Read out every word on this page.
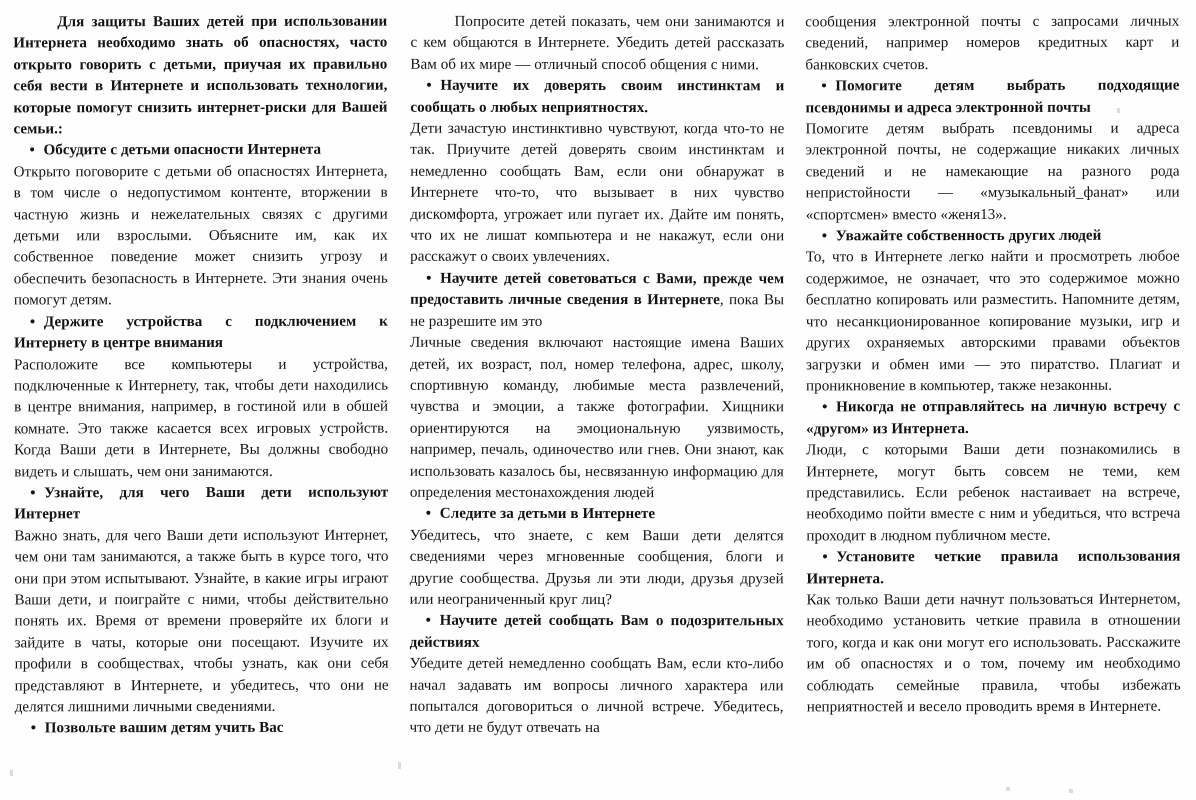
Для защиты Ваших детей при использовании Интернета необходимо знать об опасностях, часто открыто говорить с детьми, приучая их правильно себя вести в Интернете и использовать технологии, которые помогут снизить интернет-риски для Вашей семьи.:

• Обсудите с детьми опасности Интернета

Открыто поговорите с детьми об опасностях Интернета, в том числе о недопустимом контенте, вторжении в частную жизнь и нежелательных связях с другими детьми или взрослыми. Объясните им, как их собственное поведение может снизить угрозу и обеспечить безопасность в Интернете. Эти знания очень помогут детям.

• Держите устройства с подключением к Интернету в центре внимания

Расположите все компьютеры и устройства, подключенные к Интернету, так, чтобы дети находились в центре внимания, например, в гостиной или в обшей комнате. Это также касается всех игровых устройств. Когда Ваши дети в Интернете, Вы должны свободно видеть и слышать, чем они занимаются.

• Узнайте, для чего Ваши дети используют Интернет

Важно знать, для чего Ваши дети используют Интернет, чем они там занимаются, а также быть в курсе того, что они при этом испытывают. Узнайте, в какие игры играют Ваши дети, и поиграйте с ними, чтобы действительно понять их. Время от времени проверяйте их блоги и зайдите в чаты, которые они посещают. Изучите их профили в сообществах, чтобы узнать, как они себя представляют в Интернете, и убедитесь, что они не делятся лишними личными сведениями.

• Позвольте вашим детям учить Вас

Попросите детей показать, чем они занимаются и с кем общаются в Интернете. Убедить детей рассказать Вам об их мире — отличный способ общения с ними.

• Научите их доверять своим инстинктам и сообщать о любых неприятностях.

Дети зачастую инстинктивно чувствуют, когда что-то не так. Приучите детей доверять своим инстинктам и немедленно сообщать Вам, если они обнаружат в Интернете что-то, что вызывает в них чувство дискомфорта, угрожает или пугает их. Дайте им понять, что их не лишат компьютера и не накажут, если они расскажут о своих увлечениях.

• Научите детей советоваться с Вами, прежде чем предоставить личные сведения в Интернете, пока Вы не разрешите им это

Личные сведения включают настоящие имена Ваших детей, их возраст, пол, номер телефона, адрес, школу, спортивную команду, любимые места развлечений, чувства и эмоции, а также фотографии. Хищники ориентируются на эмоциональную уязвимость, например, печаль, одиночество или гнев. Они знают, как использовать казалось бы, несвязанную информацию для определения местонахождения людей

• Следите за детьми в Интернете

Убедитесь, что знаете, с кем Ваши дети делятся сведениями через мгновенные сообщения, блоги и другие сообщества. Друзья ли эти люди, друзья друзей или неограниченный круг лиц?

• Научите детей сообщать Вам о подозрительных действиях

Убедите детей немедленно сообщать Вам, если кто-либо начал задавать им вопросы личного характера или попытался договориться о личной встрече. Убедитесь, что дети не будут отвечать на

сообщения электронной почты с запросами личных сведений, например номеров кредитных карт и банковских счетов.

• Помогите детям выбрать подходящие псевдонимы и адреса электронной почты

Помогите детям выбрать псевдонимы и адреса электронной почты, не содержащие никаких личных сведений и не намекающие на разного рода непристойности — «музыкальный_фанат» или «спортсмен» вместо «женя13».

• Уважайте собственность других людей

То, что в Интернете легко найти и просмотреть любое содержимое, не означает, что это содержимое можно бесплатно копировать или разместить. Напомните детям, что несанкционированное копирование музыки, игр и других охраняемых авторскими правами объектов загрузки и обмен ими — это пиратство. Плагиат и проникновение в компьютер, также незаконны.

• Никогда не отправляйтесь на личную встречу с «другом» из Интернета.

Люди, с которыми Ваши дети познакомились в Интернете, могут быть совсем не теми, кем представились. Если ребенок настаивает на встрече, необходимо пойти вместе с ним и убедиться, что встреча проходит в людном публичном месте.

• Установите четкие правила использования Интернета.

Как только Ваши дети начнут пользоваться Интернетом, необходимо установить четкие правила в отношении того, когда и как они могут его использовать. Расскажите им об опасностях и о том, почему им необходимо соблюдать семейные правила, чтобы избежать неприятностей и весело проводить время в Интернете.
